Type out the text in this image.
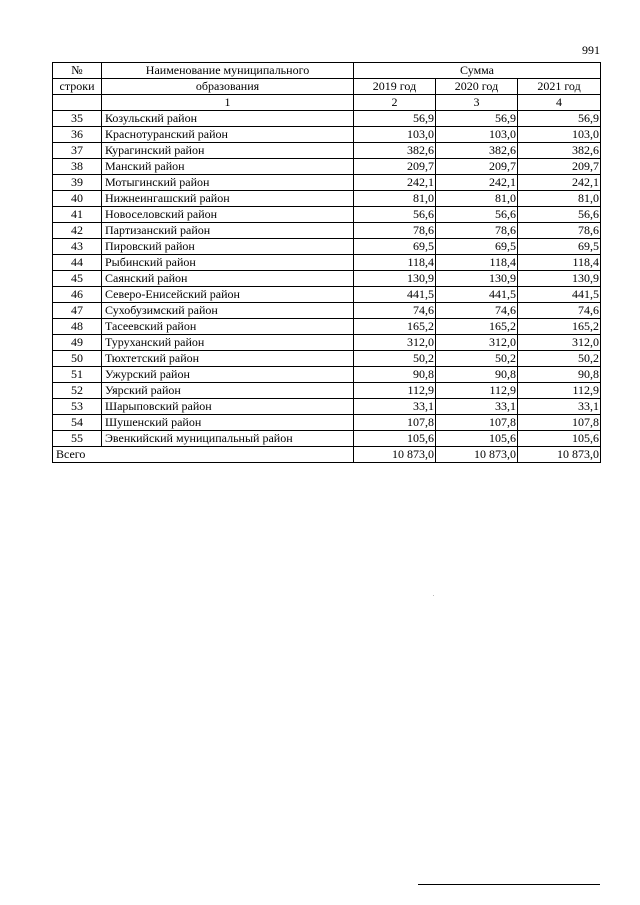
991
№	Наименование муниципального	Сумма		
строки	образования	2019 год	2020 год	2021 год
	1	2	3	4
35	Козульский район	56,9	56,9	56,9
36	Краснотуранский район	103,0	103,0	103,0
37	Курагинский район	382,6	382,6	382,6
38	Манский район	209,7	209,7	209,7
39	Мотыгинский район	242,1	242,1	242,1
40	Нижнеингашский район	81,0	81,0	81,0
41	Новоселовский район	56,6	56,6	56,6
42	Партизанский район	78,6	78,6	78,6
43	Пировский район	69,5	69,5	69,5
44	Рыбинский район	118,4	118,4	118,4
45	Саянский район	130,9	130,9	130,9
46	Северо-Енисейский район	441,5	441,5	441,5
47	Сухобузимский район	74,6	74,6	74,6
48	Тасеевский район	165,2	165,2	165,2
49	Туруханский район	312,0	312,0	312,0
50	Тюхтетский район	50,2	50,2	50,2
51	Ужурский район	90,8	90,8	90,8
52	Уярский район	112,9	112,9	112,9
53	Шарыповский район	33,1	33,1	33,1
54	Шушенский район	107,8	107,8	107,8
55	Эвенкийский муниципальный район	105,6	105,6	105,6
Всего		10 873,0	10 873,0	10 873,0
